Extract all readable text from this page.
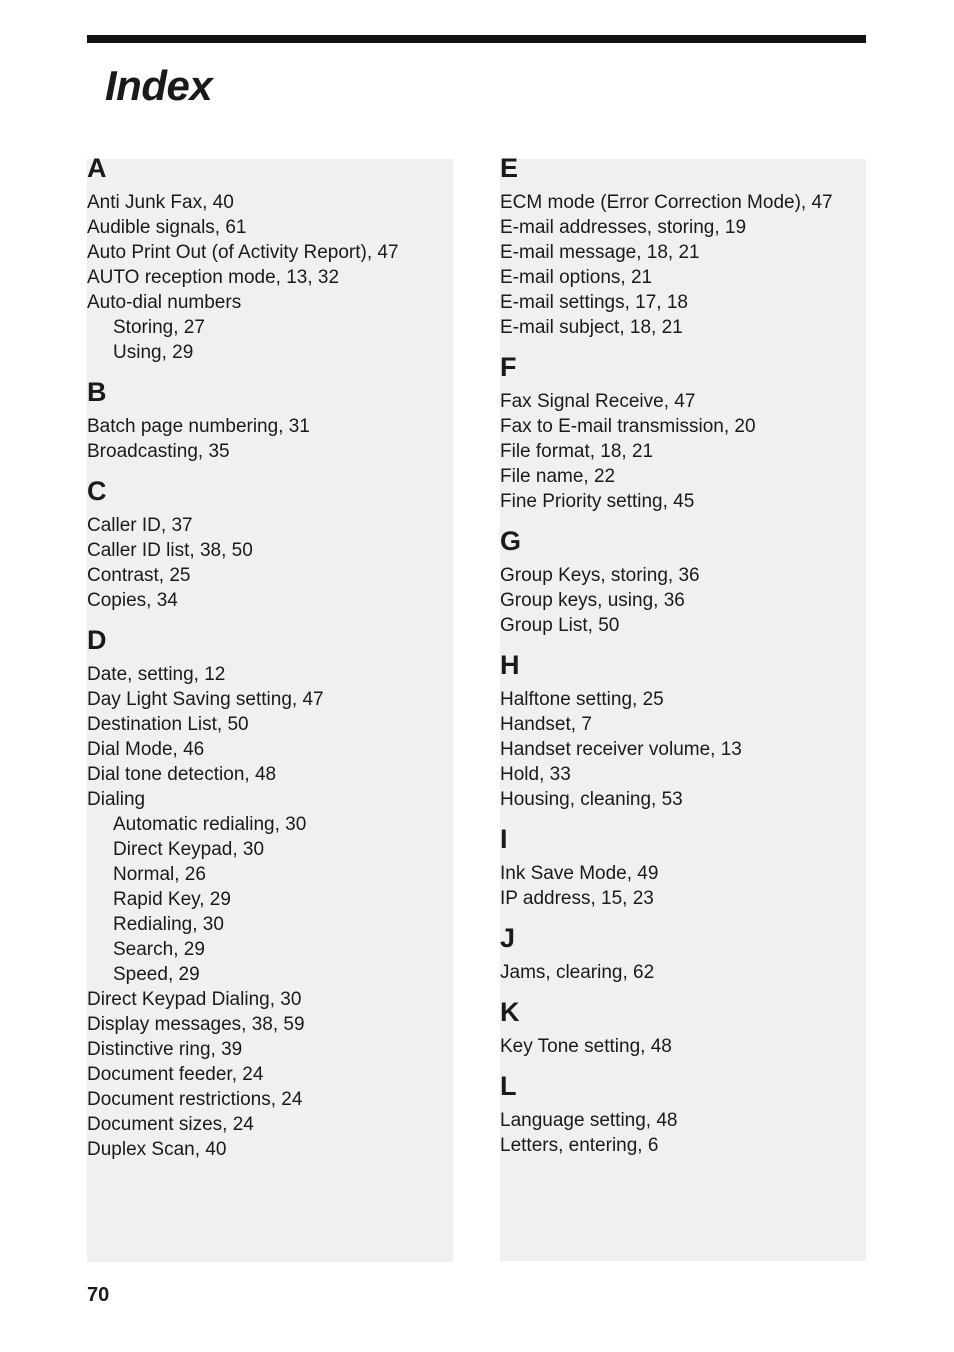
Index
A
Anti Junk Fax, 40
Audible signals, 61
Auto Print Out (of Activity Report), 47
AUTO reception mode, 13, 32
Auto-dial numbers
Storing, 27
Using, 29
B
Batch page numbering, 31
Broadcasting, 35
C
Caller ID, 37
Caller ID list, 38, 50
Contrast, 25
Copies, 34
D
Date, setting, 12
Day Light Saving setting, 47
Destination List, 50
Dial Mode, 46
Dial tone detection, 48
Dialing
Automatic redialing, 30
Direct Keypad, 30
Normal, 26
Rapid Key, 29
Redialing, 30
Search, 29
Speed, 29
Direct Keypad Dialing, 30
Display messages, 38, 59
Distinctive ring, 39
Document feeder, 24
Document restrictions, 24
Document sizes, 24
Duplex Scan, 40
E
ECM mode (Error Correction Mode), 47
E-mail addresses, storing, 19
E-mail message, 18, 21
E-mail options, 21
E-mail settings, 17, 18
E-mail subject, 18, 21
F
Fax Signal Receive, 47
Fax to E-mail transmission, 20
File format, 18, 21
File name, 22
Fine Priority setting, 45
G
Group Keys, storing, 36
Group keys, using, 36
Group List, 50
H
Halftone setting, 25
Handset, 7
Handset receiver volume, 13
Hold, 33
Housing, cleaning, 53
I
Ink Save Mode, 49
IP address, 15, 23
J
Jams, clearing, 62
K
Key Tone setting, 48
L
Language setting, 48
Letters, entering, 6
70
